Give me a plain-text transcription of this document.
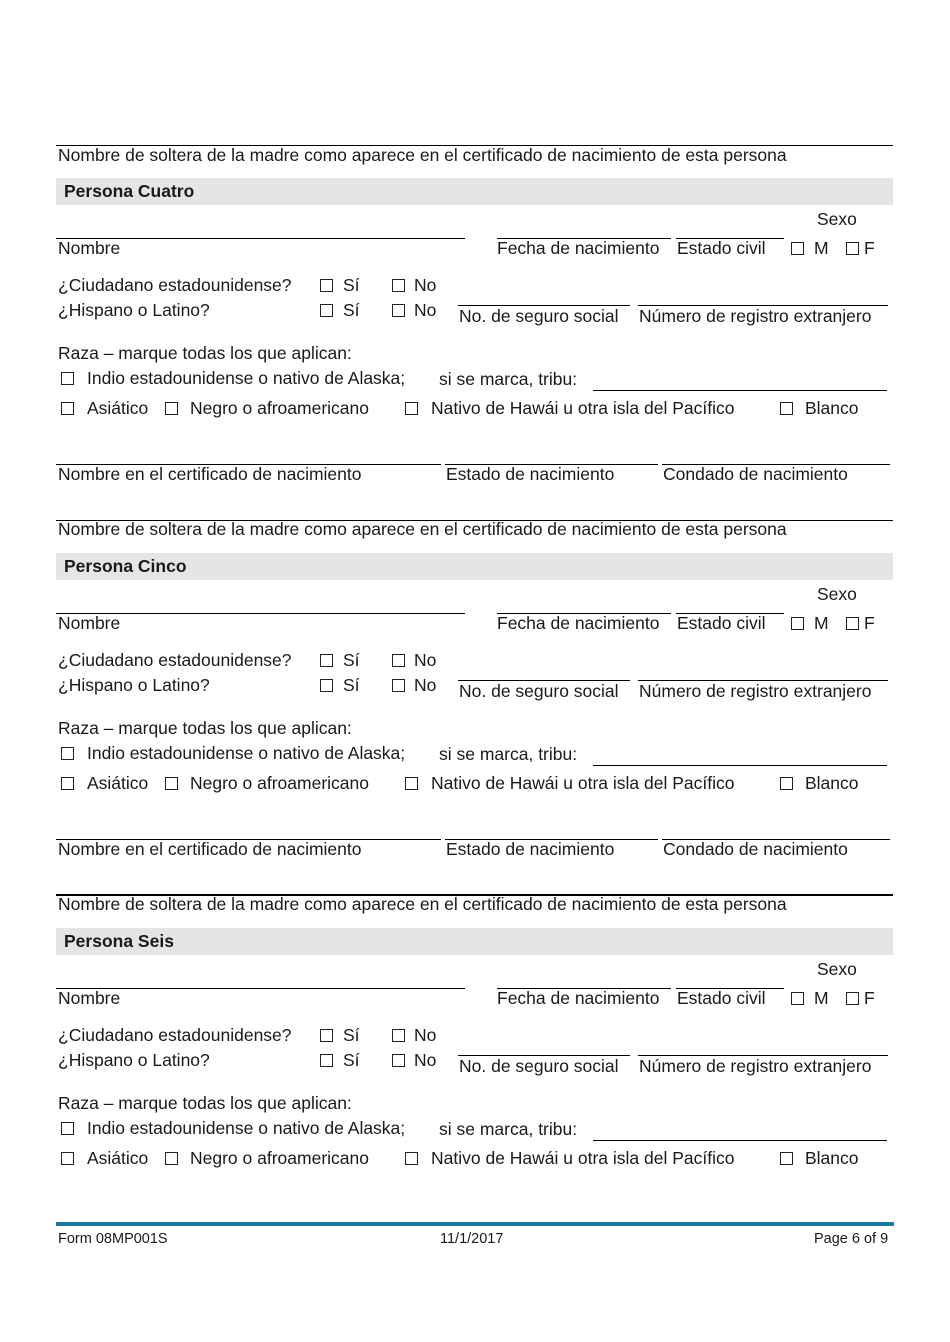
Nombre de soltera de la madre como aparece en el certificado de nacimiento de esta persona
Persona Cuatro
Sexo
Nombre	Fecha de nacimiento Estado civil	M F
¿Ciudadano estadounidense?	Sí	No
¿Hispano o Latino?	Sí	No No. de seguro social Número de registro extranjero
Raza – marque todas los que aplican:
Indio estadounidense o nativo de Alaska; si se marca, tribu:
Asiático Negro o afroamericano	Nativo de Hawái u otra isla del Pacífico	Blanco
Nombre en el certificado de nacimiento	Estado de nacimiento	Condado de nacimiento
Nombre de soltera de la madre como aparece en el certificado de nacimiento de esta persona
Persona Cinco
Sexo
Nombre	Fecha de nacimiento Estado civil	M F
¿Ciudadano estadounidense?	Sí	No
¿Hispano o Latino?	Sí	No No. de seguro social Número de registro extranjero
Raza – marque todas los que aplican:
Indio estadounidense o nativo de Alaska; si se marca, tribu:
Asiático Negro o afroamericano	Nativo de Hawái u otra isla del Pacífico	Blanco
Nombre en el certificado de nacimiento	Estado de nacimiento	Condado de nacimiento
Nombre de soltera de la madre como aparece en el certificado de nacimiento de esta persona
Persona Seis
Sexo
Nombre	Fecha de nacimiento Estado civil	M F
¿Ciudadano estadounidense?	Sí	No
¿Hispano o Latino?	Sí	No No. de seguro social Número de registro extranjero
Raza – marque todas los que aplican:
Indio estadounidense o nativo de Alaska; si se marca, tribu:
Asiático Negro o afroamericano	Nativo de Hawái u otra isla del Pacífico	Blanco
Form 08MP001S	11/1/2017	Page 6 of 9
